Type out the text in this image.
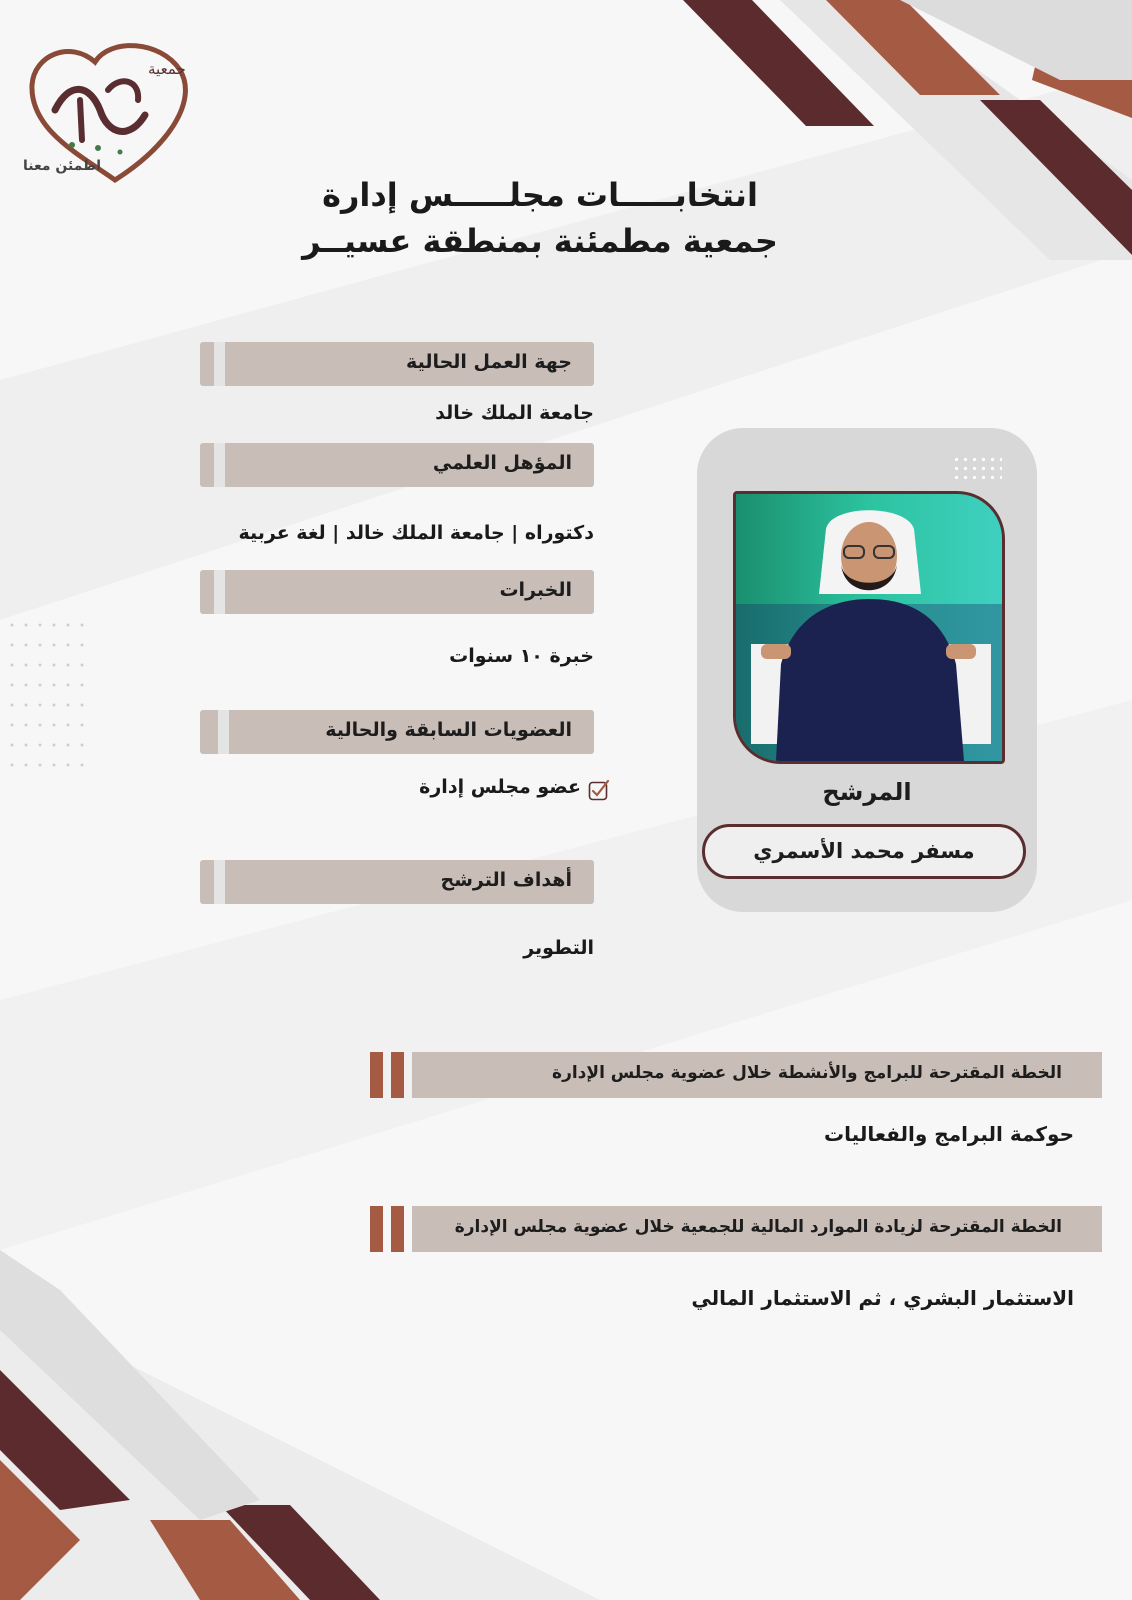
جمعية
اطمئن معنا
انتخابـــــات مجلـــــس إدارة
جمعية مطمئنة بمنطقة عسيــر
جهة العمل الحالية
جامعة الملك خالد
المؤهل العلمي
دكتوراه | جامعة الملك خالد | لغة عربية
الخبرات
خبرة ١٠ سنوات
العضويات السابقة والحالية
عضو مجلس إدارة
أهداف الترشح
التطوير
المرشح
مسفر محمد الأسمري
الخطة المقترحة للبرامج والأنشطة خلال عضوية مجلس الإدارة
حوكمة البرامج والفعاليات
الخطة المقترحة لزيادة الموارد المالية للجمعية خلال عضوية مجلس الإدارة
الاستثمار البشري ، ثم الاستثمار المالي
